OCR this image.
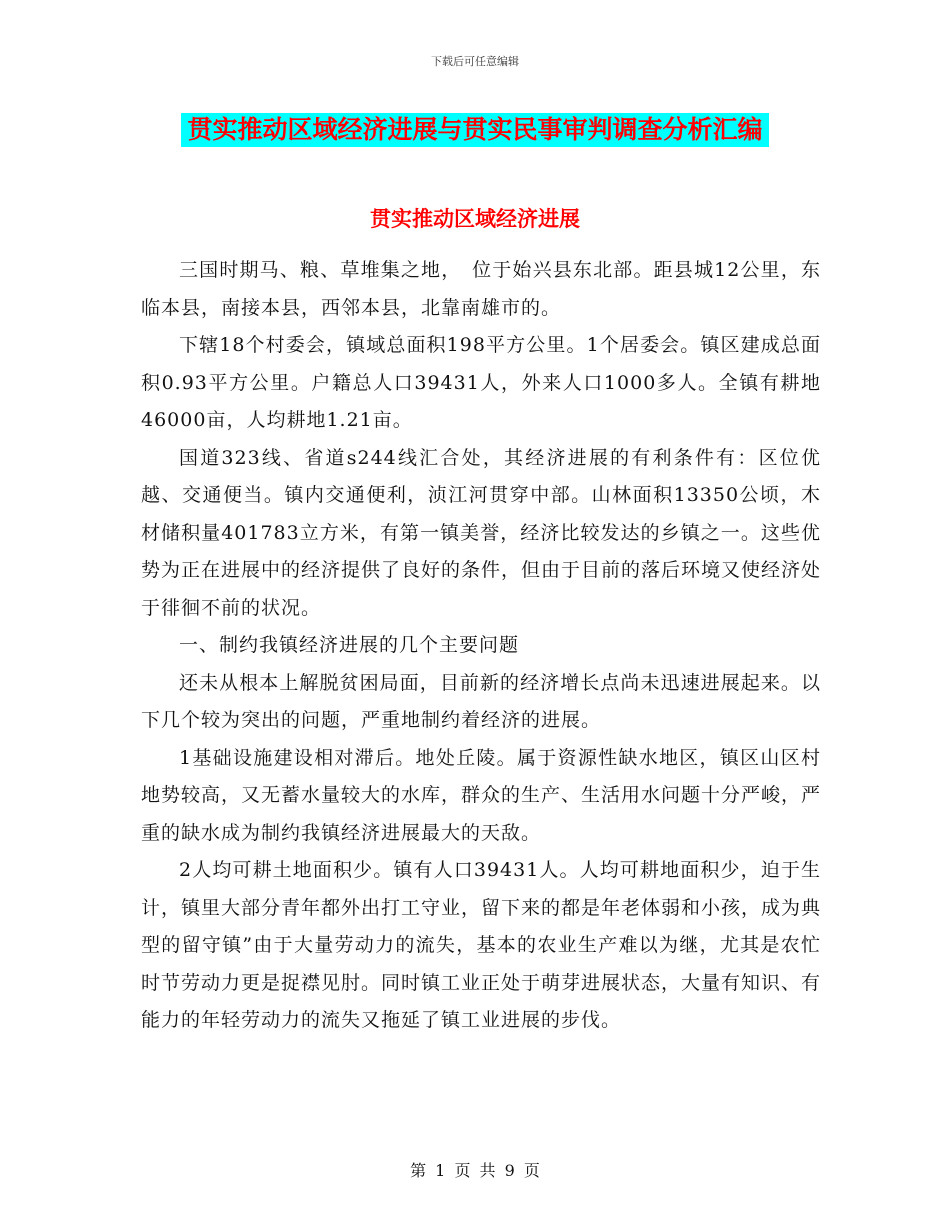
下载后可任意编辑
贯实推动区域经济进展与贯实民事审判调查分析汇编
贯实推动区域经济进展

三国时期马、粮、草堆集之地，　位于始兴县东北部。距县城12公里，东临本县，南接本县，西邻本县，北靠南雄市的。

下辖18个村委会，镇域总面积198平方公里。1个居委会。镇区建成总面积0.93平方公里。户籍总人口39431人，外来人口1000多人。全镇有耕地46000亩，人均耕地1.21亩。

国道323线、省道s244线汇合处，其经济进展的有利条件有：区位优越、交通便当。镇内交通便利，浈江河贯穿中部。山林面积13350公顷，木材储积量401783立方米，有第一镇美誉，经济比较发达的乡镇之一。这些优势为正在进展中的经济提供了良好的条件，但由于目前的落后环境又使经济处于徘徊不前的状况。

一、制约我镇经济进展的几个主要问题

还未从根本上解脱贫困局面，目前新的经济增长点尚未迅速进展起来。以下几个较为突出的问题，严重地制约着经济的进展。

1基础设施建设相对滞后。地处丘陵。属于资源性缺水地区，镇区山区村地势较高，又无蓄水量较大的水库，群众的生产、生活用水问题十分严峻，严重的缺水成为制约我镇经济进展最大的天敌。

2人均可耕土地面积少。镇有人口39431人。人均可耕地面积少，迫于生计，镇里大部分青年都外出打工守业，留下来的都是年老体弱和小孩，成为典型的留守镇”由于大量劳动力的流失，基本的农业生产难以为继，尤其是农忙时节劳动力更是捉襟见肘。同时镇工业正处于萌芽进展状态，大量有知识、有能力的年轻劳动力的流失又拖延了镇工业进展的步伐。

第 1 页 共 9 页
